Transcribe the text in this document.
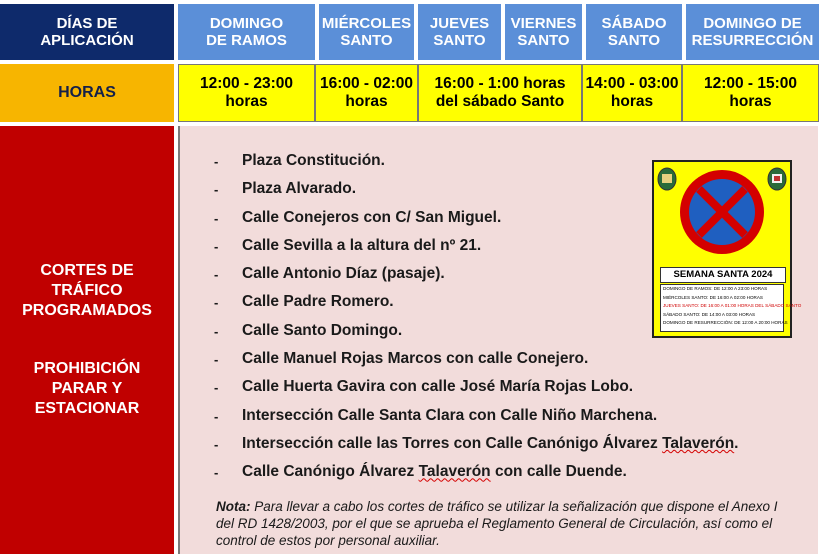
DÍAS DE APLICACIÓN
DOMINGO DE RAMOS
MIÉRCOLES SANTO
JUEVES SANTO
VIERNES SANTO
SÁBADO SANTO
DOMINGO DE RESURRECCIÓN
HORAS
12:00 - 23:00 horas
16:00 - 02:00 horas
16:00 - 1:00 horas del sábado Santo
14:00 - 03:00 horas
12:00 - 15:00 horas
CORTES DE TRÁFICO PROGRAMADOS
PROHIBICIÓN PARAR Y ESTACIONAR
- Plaza Constitución.
- Plaza Alvarado.
- Calle Conejeros con C/ San Miguel.
- Calle Sevilla a la altura del nº 21.
- Calle Antonio Díaz (pasaje).
- Calle Padre Romero.
- Calle Santo Domingo.
- Calle Manuel Rojas Marcos con calle Conejero.
- Calle Huerta Gavira con calle José María Rojas Lobo.
- Intersección Calle Santa Clara con Calle Niño Marchena.
- Intersección calle las Torres con Calle Canónigo Álvarez Talaverón.
- Calle Canónigo Álvarez Talaverón con calle Duende.
Nota: Para llevar a cabo los cortes de tráfico se utilizar la señalización que dispone el Anexo I del RD 1428/2003, por el que se aprueba el Reglamento General de Circulación, así como el control de estos por personal auxiliar.
SEMANA SANTA 2024
DOMINGO DE RAMOS: DE 12:00 A 23:00 HORAS
MIÉRCOLES SANTO: DE 16:00 A 02:00 HORAS
JUEVES SANTO: DE 16:00 A 01:00 HORAS DEL SÁBADO SANTO
SÁBADO SANTO: DE 14:00 A 03:00 HORAS
DOMINGO DE RESURRECCIÓN: DE 12:00 A 20:00 HORAS
